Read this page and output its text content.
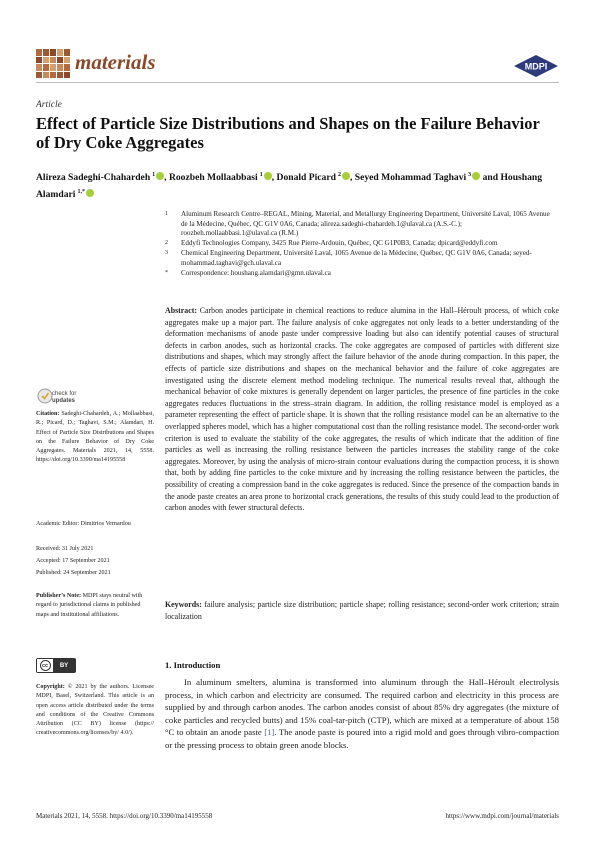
materials	MDPI
Article
Effect of Particle Size Distributions and Shapes on the Failure Behavior of Dry Coke Aggregates
Alireza Sadeghi-Chahardeh $^1$ , Roozbeh Mollaabbasi $^1$ , Donald Picard $^2$ , Seyed Mohammad Taghavi $^3$ and Houshang Alamdari $^{1,*}$
1 Aluminum Research Centre–REGAL, Mining, Material, and Metallurgy Engineering Department, Université Laval, 1065 Avenue de la Médecine, Québec, QC G1V 0A6, Canada; alireza.sadeghi-chahardeh.1@ulaval.ca (A.S.-C.); roozbeh.mollaabbasi.1@ulaval.ca (R.M.)
2 Eddyfi Technologies Company, 3425 Rue Pierre-Ardouin, Québec, QC G1P0B3, Canada; dpicard@eddyfi.com
3 Chemical Engineering Department, Université Laval, 1065 Avenue de la Médecine, Québec, QC G1V 0A6, Canada; seyed-mohammad.taghavi@gch.ulaval.ca
* Correspondence: houshang.alamdari@gmn.ulaval.ca
check for
updates
Citation: Sadeghi-Chahardeh, A.; Mollaabbasi, R.; Picard, D.; Taghavi, S.M.; Alamdari, H. Effect of Particle Size Distributions and Shapes on the Failure Behavior of Dry Coke Aggregates. Materials 2021, 14, 5558. https://doi.org/10.3390/ma14195558
Academic Editor: Dimitrios Vernardou
Received: 31 July 2021
Accepted: 17 September 2021
Published: 24 September 2021
Publisher’s Note: MDPI stays neutral with regard to jurisdictional claims in published maps and institutional affiliations.
cc	BY
Copyright: © 2021 by the authors. Licensee MDPI, Basel, Switzerland. This article is an open access article distributed under the terms and conditions of the Creative Commons Attribution (CC BY) license (https:// creativecommons.org/licenses/by/ 4.0/).
Abstract: Carbon anodes participate in chemical reactions to reduce alumina in the Hall–Héroult process, of which coke aggregates make up a major part. The failure analysis of coke aggregates not only leads to a better understanding of the deformation mechanisms of anode paste under compressive loading but also can identify potential causes of structural defects in carbon anodes, such as horizontal cracks. The coke aggregates are composed of particles with different size distributions and shapes, which may strongly affect the failure behavior of the anode during compaction. In this paper, the effects of particle size distributions and shapes on the mechanical behavior and the failure of coke aggregates are investigated using the discrete element method modeling technique. The numerical results reveal that, although the mechanical behavior of coke mixtures is generally dependent on larger particles, the presence of fine particles in the coke aggregates reduces fluctuations in the stress–strain diagram. In addition, the rolling resistance model is employed as a parameter representing the effect of particle shape. It is shown that the rolling resistance model can be an alternative to the overlapped spheres model, which has a higher computational cost than the rolling resistance model. The second-order work criterion is used to evaluate the stability of the coke aggregates, the results of which indicate that the addition of fine particles as well as increasing the rolling resistance between the particles increases the stability range of the coke aggregates. Moreover, by using the analysis of micro-strain contour evaluations during the compaction process, it is shown that, both by adding fine particles to the coke mixture and by increasing the rolling resistance between the particles, the possibility of creating a compression band in the coke aggregates is reduced. Since the presence of the compaction bands in the anode paste creates an area prone to horizontal crack generations, the results of this study could lead to the production of carbon anodes with fewer structural defects.
Keywords: failure analysis; particle size distribution; particle shape; rolling resistance; second-order work criterion; strain localization
1. Introduction
In aluminum smelters, alumina is transformed into aluminum through the Hall–Héroult electrolysis process, in which carbon and electricity are consumed. The required carbon and electricity in this process are supplied by and through carbon anodes. The carbon anodes consist of about 85% dry aggregates (the mixture of coke particles and recycled butts) and 15% coal-tar-pitch (CTP), which are mixed at a temperature of about 158 °C to obtain an anode paste [1]. The anode paste is poured into a rigid mold and goes through vibro-compaction or the pressing process to obtain green anode blocks.
Materials 2021, 14, 5558. https://doi.org/10.3390/ma14195558	https://www.mdpi.com/journal/materials
